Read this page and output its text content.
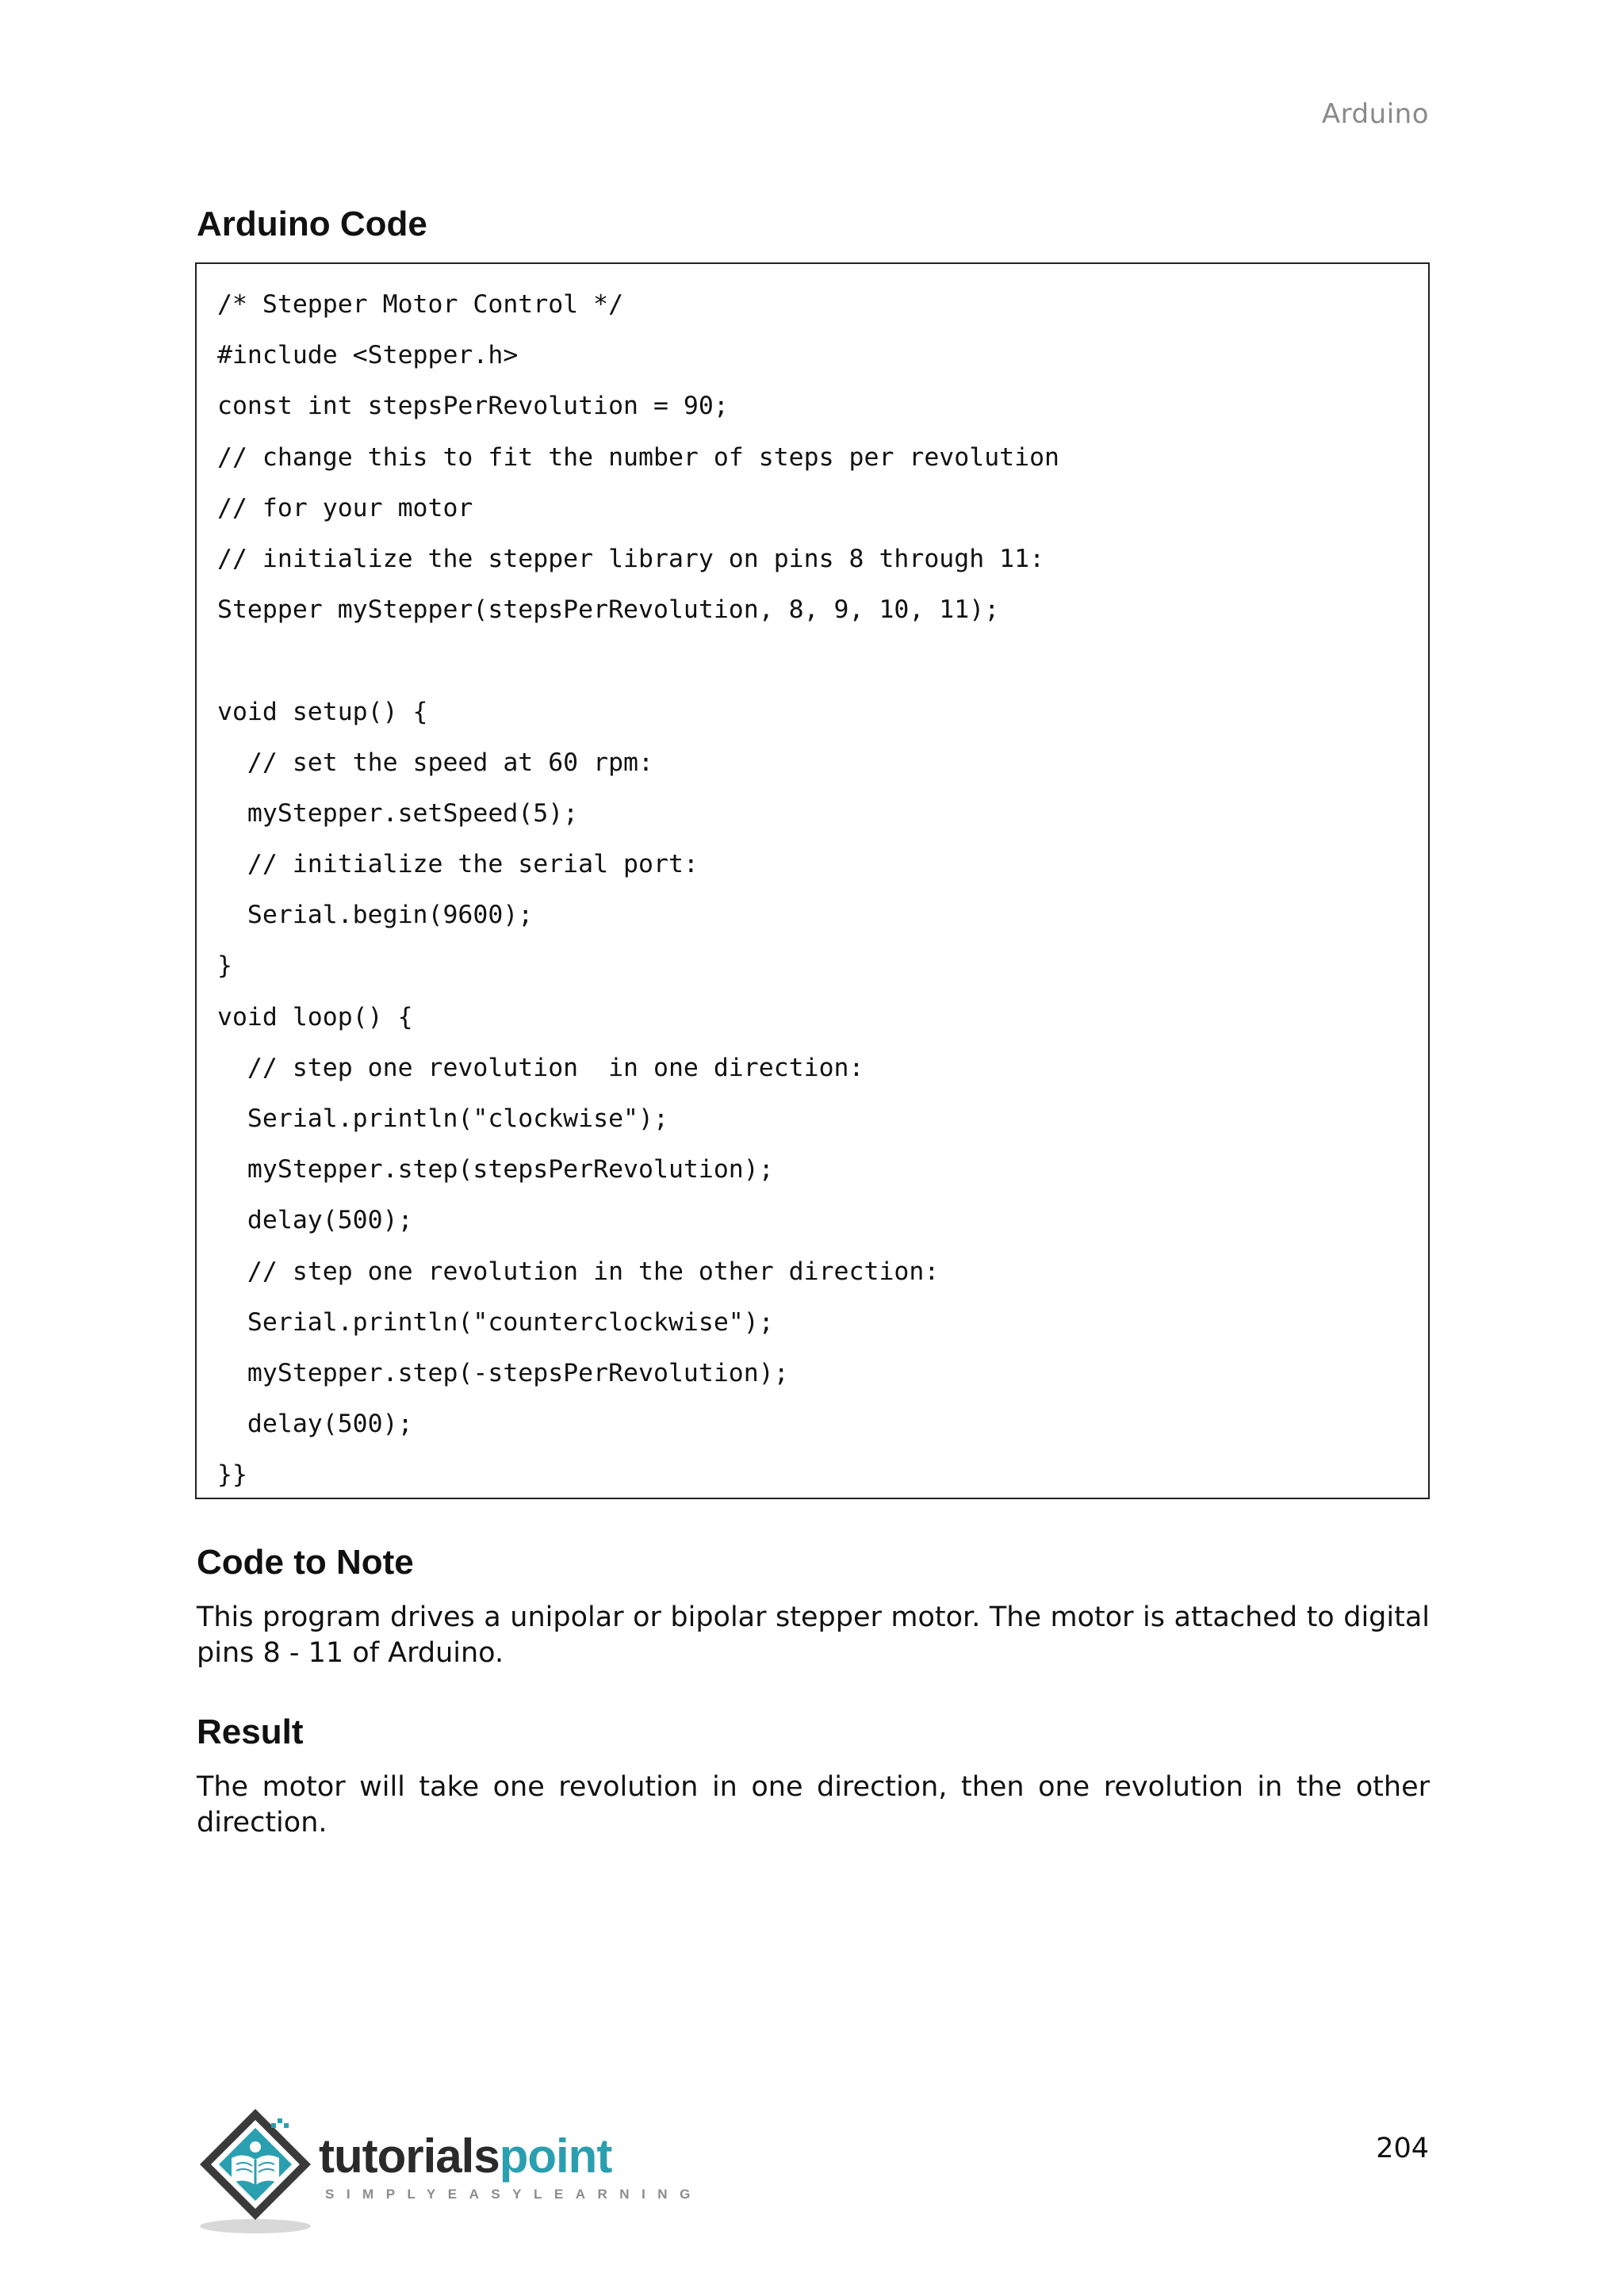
Arduino
Arduino Code
/* Stepper Motor Control */
#include <Stepper.h>
const int stepsPerRevolution = 90;
// change this to fit the number of steps per revolution
// for your motor
// initialize the stepper library on pins 8 through 11:
Stepper myStepper(stepsPerRevolution, 8, 9, 10, 11);
void setup() {
// set the speed at 60 rpm:
myStepper.setSpeed(5);
// initialize the serial port:
Serial.begin(9600);
}
void loop() {
// step one revolution  in one direction:
Serial.println("clockwise");
myStepper.step(stepsPerRevolution);
delay(500);
// step one revolution in the other direction:
Serial.println("counterclockwise");
myStepper.step(-stepsPerRevolution);
delay(500);
}}
Code to Note

This program drives a unipolar or bipolar stepper motor. The motor is attached to digital pins 8 - 11 of Arduino.

Result

The motor will take one revolution in one direction, then one revolution in the other direction.

tutorialspoint
SIMPLYEASYLEARNING
204
